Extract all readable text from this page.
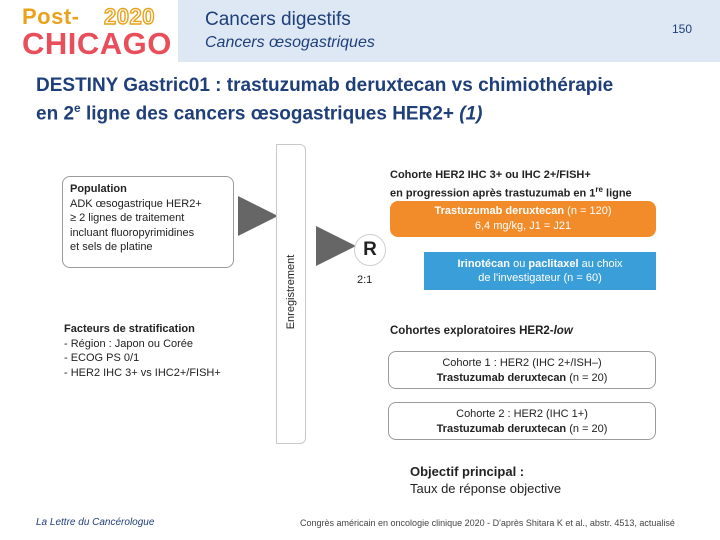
Post- 2020
CHICAGO
Cancers digestifs
Cancers œsogastriques
150
DESTINY Gastric01 : trastuzumab deruxtecan vs chimiothérapie
en 2e ligne des cancers œsogastriques HER2+ (1)
Population
ADK œsogastrique HER2+
≥ 2 lignes de traitement
incluant fluoropyrimidines
et sels de platine
Facteurs de stratification
- Région : Japon ou Corée
- ECOG PS 0/1
- HER2 IHC 3+ vs IHC2+/FISH+
Enregistrement
R
2:1
Cohorte HER2 IHC 3+ ou IHC 2+/FISH+
en progression après trastuzumab en 1re ligne
Trastuzumab deruxtecan (n = 120)
6,4 mg/kg, J1 = J21
Irinotécan ou paclitaxel au choix
de l'investigateur (n = 60)
Cohortes exploratoires HER2-low
Cohorte 1 : HER2 (IHC 2+/ISH–)
Trastuzumab deruxtecan (n = 20)
Cohorte 2 : HER2 (IHC 1+)
Trastuzumab deruxtecan (n = 20)
Objectif principal :
Taux de réponse objective
La Lettre du Cancérologue	Congrès américain en oncologie clinique 2020 - D'après Shitara K et al., abstr. 4513, actualisé
